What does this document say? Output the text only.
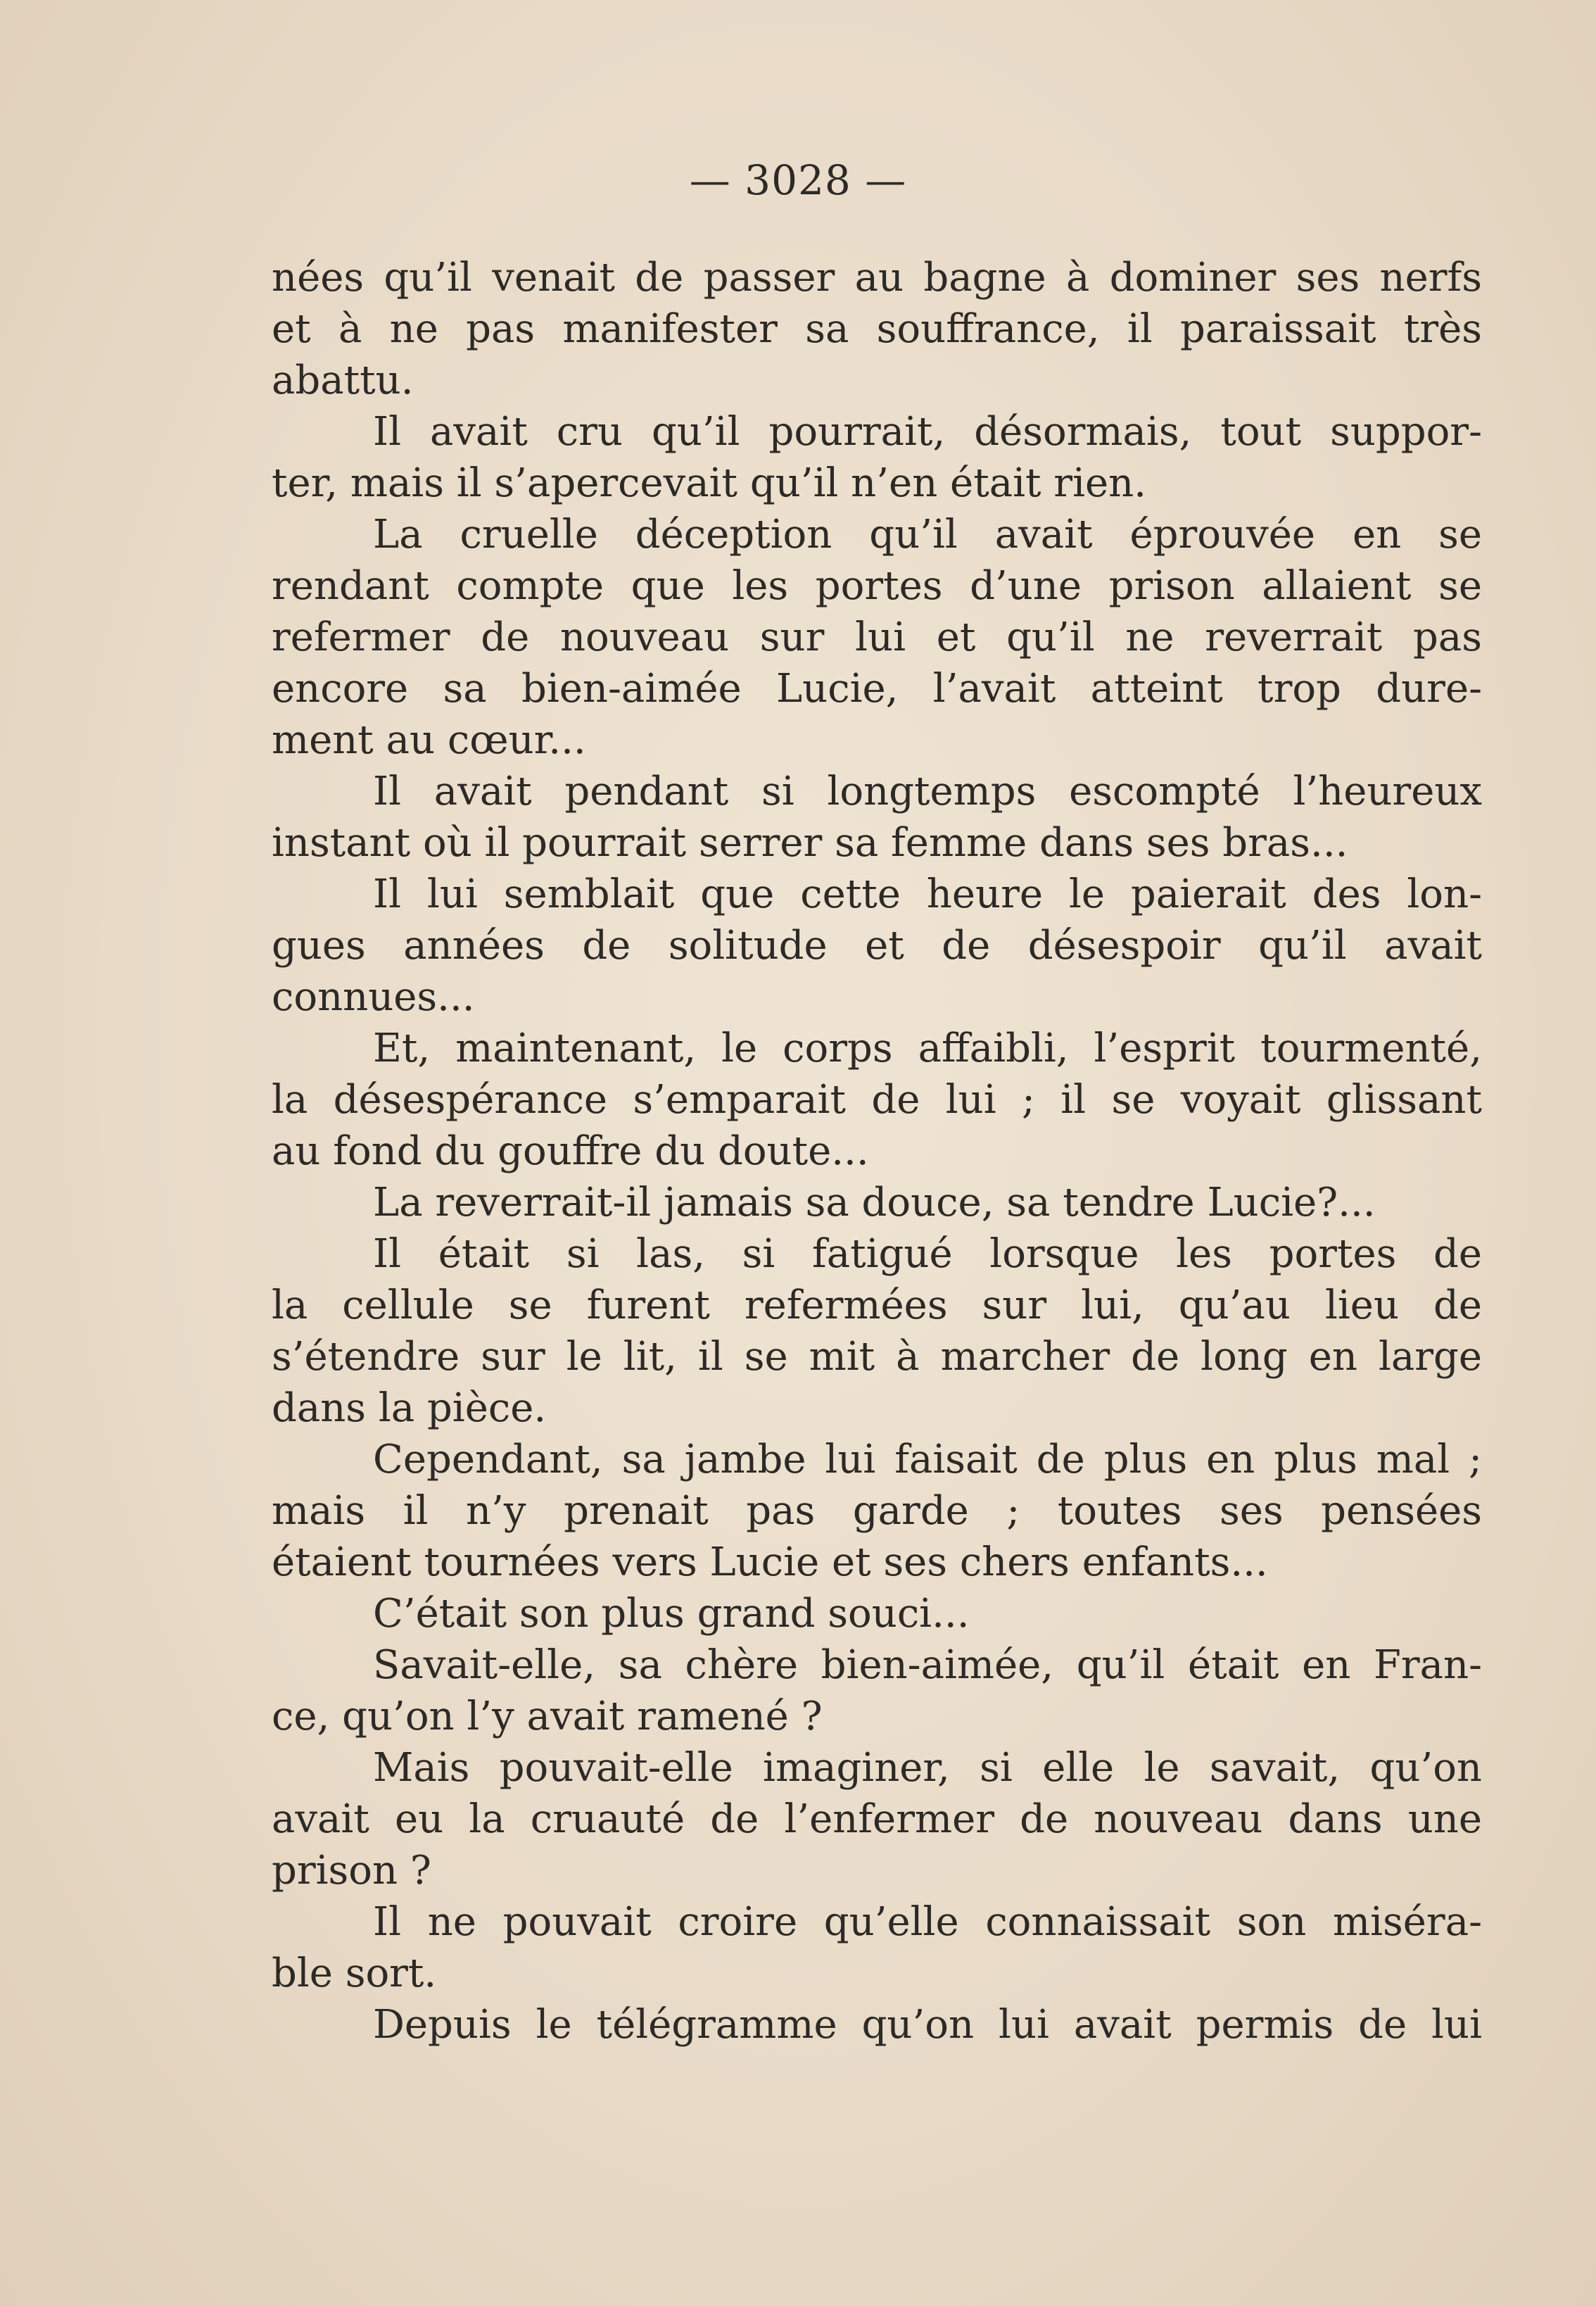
— 3028 —
nées qu’il venait de passer au bagne à dominer ses nerfs
et à ne pas manifester sa souffrance, il paraissait très
abattu.
Il avait cru qu’il pourrait, désormais, tout suppor-
ter, mais il s’apercevait qu’il n’en était rien.
La cruelle déception qu’il avait éprouvée en se
rendant compte que les portes d’une prison allaient se
refermer de nouveau sur lui et qu’il ne reverrait pas
encore sa bien-aimée Lucie, l’avait atteint trop dure-
ment au cœur...
Il avait pendant si longtemps escompté l’heureux
instant où il pourrait serrer sa femme dans ses bras...
Il lui semblait que cette heure le paierait des lon-
gues années de solitude et de désespoir qu’il avait
connues...
Et, maintenant, le corps affaibli, l’esprit tourmenté,
la désespérance s’emparait de lui ; il se voyait glissant
au fond du gouffre du doute...
La reverrait-il jamais sa douce, sa tendre Lucie?...
Il était si las, si fatigué lorsque les portes de
la cellule se furent refermées sur lui, qu’au lieu de
s’étendre sur le lit, il se mit à marcher de long en large
dans la pièce.
Cependant, sa jambe lui faisait de plus en plus mal ;
mais il n’y prenait pas garde ; toutes ses pensées
étaient tournées vers Lucie et ses chers enfants...
C’était son plus grand souci...
Savait-elle, sa chère bien-aimée, qu’il était en Fran-
ce, qu’on l’y avait ramené ?
Mais pouvait-elle imaginer, si elle le savait, qu’on
avait eu la cruauté de l’enfermer de nouveau dans une
prison ?
Il ne pouvait croire qu’elle connaissait son miséra-
ble sort.
Depuis le télégramme qu’on lui avait permis de lui
